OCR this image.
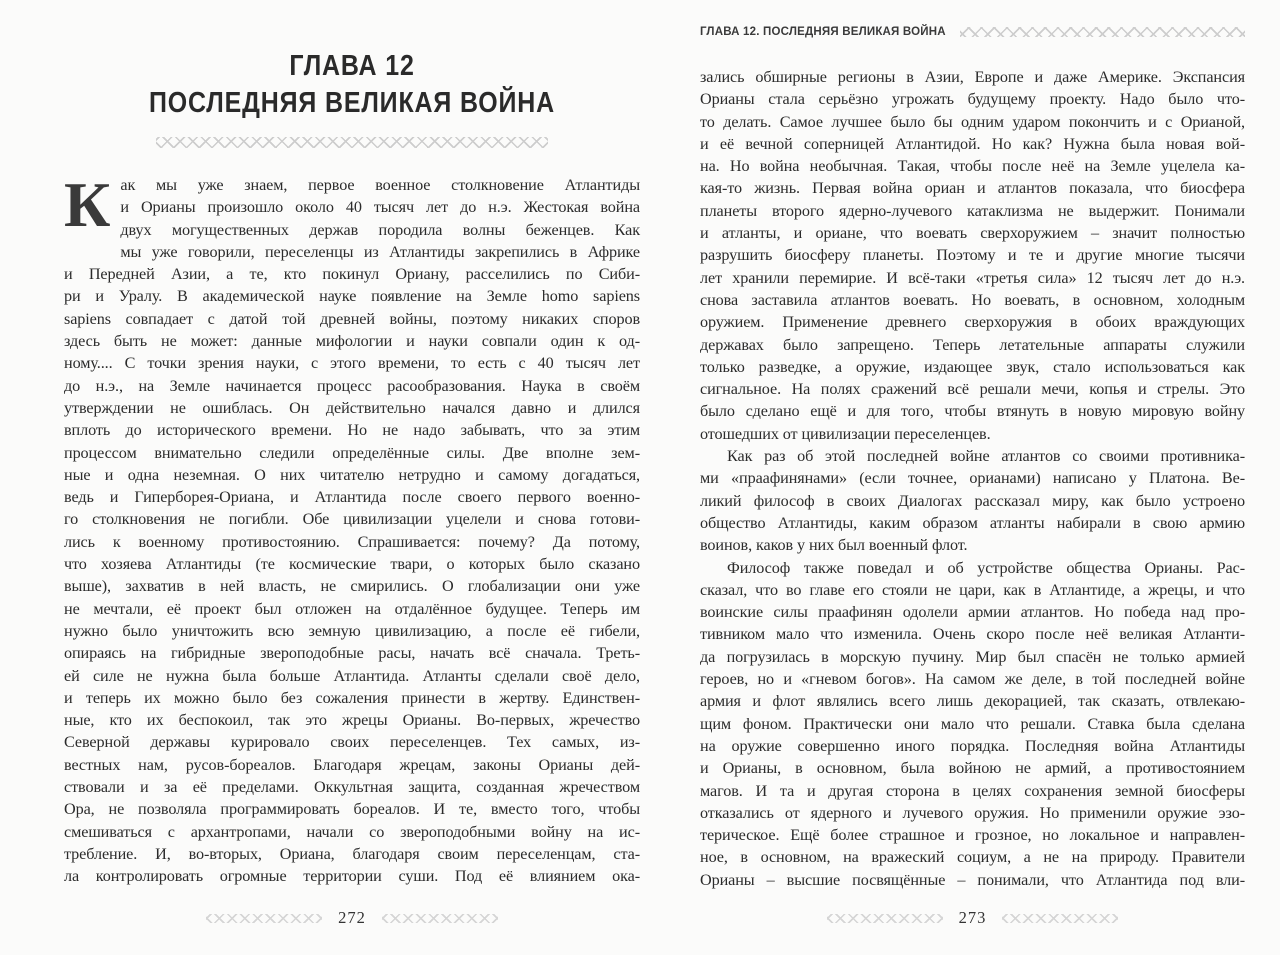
ГЛАВА 12
ПОСЛЕДНЯЯ ВЕЛИКАЯ ВОЙНА
К ак мы уже знаем, первое военное столкновение Атлантиды
и Орианы произошло около 40 тысяч лет до н.э. Жестокая война
двух могущественных держав породила волны беженцев. Как
мы уже говорили, переселенцы из Атлантиды закрепились в Африке
и Передней Азии, а те, кто покинул Ориану, расселились по Сиби-
ри и Уралу. В академической науке появление на Земле homo sapiens
sapiens совпадает с датой той древней войны, поэтому никаких споров
здесь быть не может: данные мифологии и науки совпали один к од-
ному.... С точки зрения науки, с этого времени, то есть с 40 тысяч лет
до н.э., на Земле начинается процесс расообразования. Наука в своём
утверждении не ошиблась. Он действительно начался давно и длился
вплоть до исторического времени. Но не надо забывать, что за этим
процессом внимательно следили определённые силы. Две вполне зем-
ные и одна неземная. О них читателю нетрудно и самому догадаться,
ведь и Гиперборея-Ориана, и Атлантида после своего первого военно-
го столкновения не погибли. Обе цивилизации уцелели и снова готови-
лись к военному противостоянию. Спрашивается: почему? Да потому,
что хозяева Атлантиды (те космические твари, о которых было сказано
выше), захватив в ней власть, не смирились. О глобализации они уже
не мечтали, её проект был отложен на отдалённое будущее. Теперь им
нужно было уничтожить всю земную цивилизацию, а после её гибели,
опираясь на гибридные звероподобные расы, начать всё сначала. Треть-
ей силе не нужна была больше Атлантида. Атланты сделали своё дело,
и теперь их можно было без сожаления принести в жертву. Единствен-
ные, кто их беспокоил, так это жрецы Орианы. Во-первых, жречество
Северной державы курировало своих переселенцев. Тех самых, из-
вестных нам, русов-бореалов. Благодаря жрецам, законы Орианы дей-
ствовали и за её пределами. Оккультная защита, созданная жречеством
Ора, не позволяла программировать бореалов. И те, вместо того, чтобы
смешиваться с архантропами, начали со звероподобными войну на ис-
требление. И, во-вторых, Ориана, благодаря своим переселенцам, ста-
ла контролировать огромные территории суши. Под её влиянием ока-
ГЛАВА 12. ПОСЛЕДНЯЯ ВЕЛИКАЯ ВОЙНА
зались обширные регионы в Азии, Европе и даже Америке. Экспансия
Орианы стала серьёзно угрожать будущему проекту. Надо было что-
то делать. Самое лучшее было бы одним ударом покончить и с Орианой,
и её вечной соперницей Атлантидой. Но как? Нужна была новая вой-
на. Но война необычная. Такая, чтобы после неё на Земле уцелела ка-
кая-то жизнь. Первая война ориан и атлантов показала, что биосфера
планеты второго ядерно-лучевого катаклизма не выдержит. Понимали
и атланты, и ориане, что воевать сверхоружием – значит полностью
разрушить биосферу планеты. Поэтому и те и другие многие тысячи
лет хранили перемирие. И всё-таки «третья сила» 12 тысяч лет до н.э.
снова заставила атлантов воевать. Но воевать, в основном, холодным
оружием. Применение древнего сверхоружия в обоих враждующих
державах было запрещено. Теперь летательные аппараты служили
только разведке, а оружие, издающее звук, стало использоваться как
сигнальное. На полях сражений всё решали мечи, копья и стрелы. Это
было сделано ещё и для того, чтобы втянуть в новую мировую войну
отошедших от цивилизации переселенцев.
Как раз об этой последней войне атлантов со своими противника-
ми «праафинянами» (если точнее, орианами) написано у Платона. Ве-
ликий философ в своих Диалогах рассказал миру, как было устроено
общество Атлантиды, каким образом атланты набирали в свою армию
воинов, каков у них был военный флот.
Философ также поведал и об устройстве общества Орианы. Рас-
сказал, что во главе его стояли не цари, как в Атлантиде, а жрецы, и что
воинские силы праафинян одолели армии атлантов. Но победа над про-
тивником мало что изменила. Очень скоро после неё великая Атланти-
да погрузилась в морскую пучину. Мир был спасён не только армией
героев, но и «гневом богов». На самом же деле, в той последней войне
армия и флот являлись всего лишь декорацией, так сказать, отвлекаю-
щим фоном. Практически они мало что решали. Ставка была сделана
на оружие совершенно иного порядка. Последняя война Атлантиды
и Орианы, в основном, была войною не армий, а противостоянием
магов. И та и другая сторона в целях сохранения земной биосферы
отказались от ядерного и лучевого оружия. Но применили оружие эзо-
терическое. Ещё более страшное и грозное, но локальное и направлен-
ное, в основном, на вражеский социум, а не на природу. Правители
Орианы – высшие посвящённые – понимали, что Атлантида под вли-
272	273
